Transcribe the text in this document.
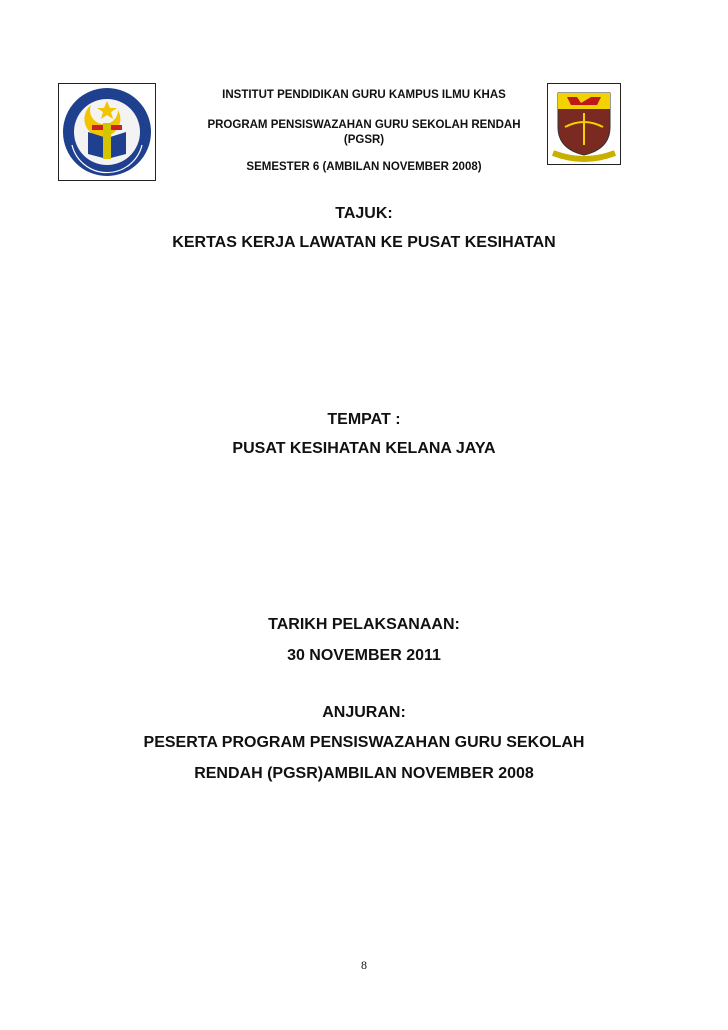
INSTITUT PENDIDIKAN GURU KAMPUS ILMU KHAS
PROGRAM PENSISWAZAHAN GURU SEKOLAH RENDAH
(PGSR)
SEMESTER 6 (AMBILAN NOVEMBER 2008)
TAJUK:
KERTAS KERJA LAWATAN KE PUSAT KESIHATAN
TEMPAT :
PUSAT KESIHATAN KELANA JAYA
TARIKH PELAKSANAAN:
30 NOVEMBER 2011
ANJURAN:
PESERTA PROGRAM PENSISWAZAHAN GURU SEKOLAH
RENDAH (PGSR)AMBILAN NOVEMBER 2008
8
